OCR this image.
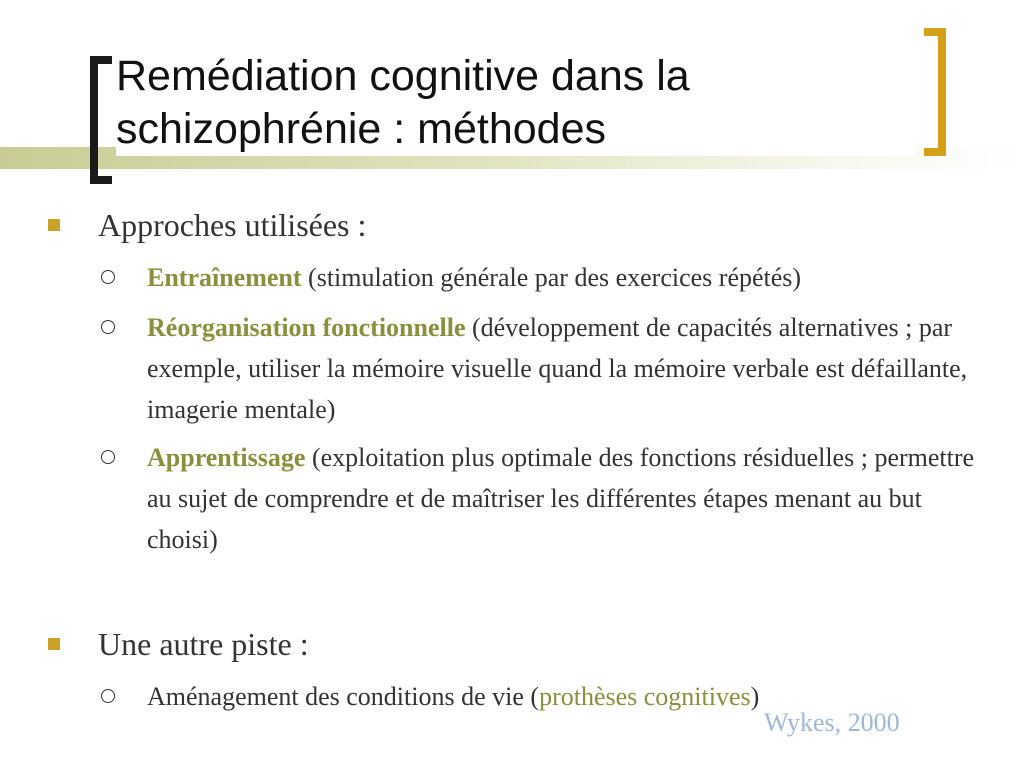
Remédiation cognitive dans la
schizophrénie : méthodes
Approches utilisées :
Entraînement (stimulation générale par des exercices répétés)
Réorganisation fonctionnelle (développement de capacités alternatives ; par exemple, utiliser la mémoire visuelle quand la mémoire verbale est défaillante, imagerie mentale)
Apprentissage (exploitation plus optimale des fonctions résiduelles ; permettre au sujet de comprendre et de maîtriser les différentes étapes menant au but choisi)
Une autre piste :
Aménagement des conditions de vie (prothèses cognitives)
Wykes, 2000
